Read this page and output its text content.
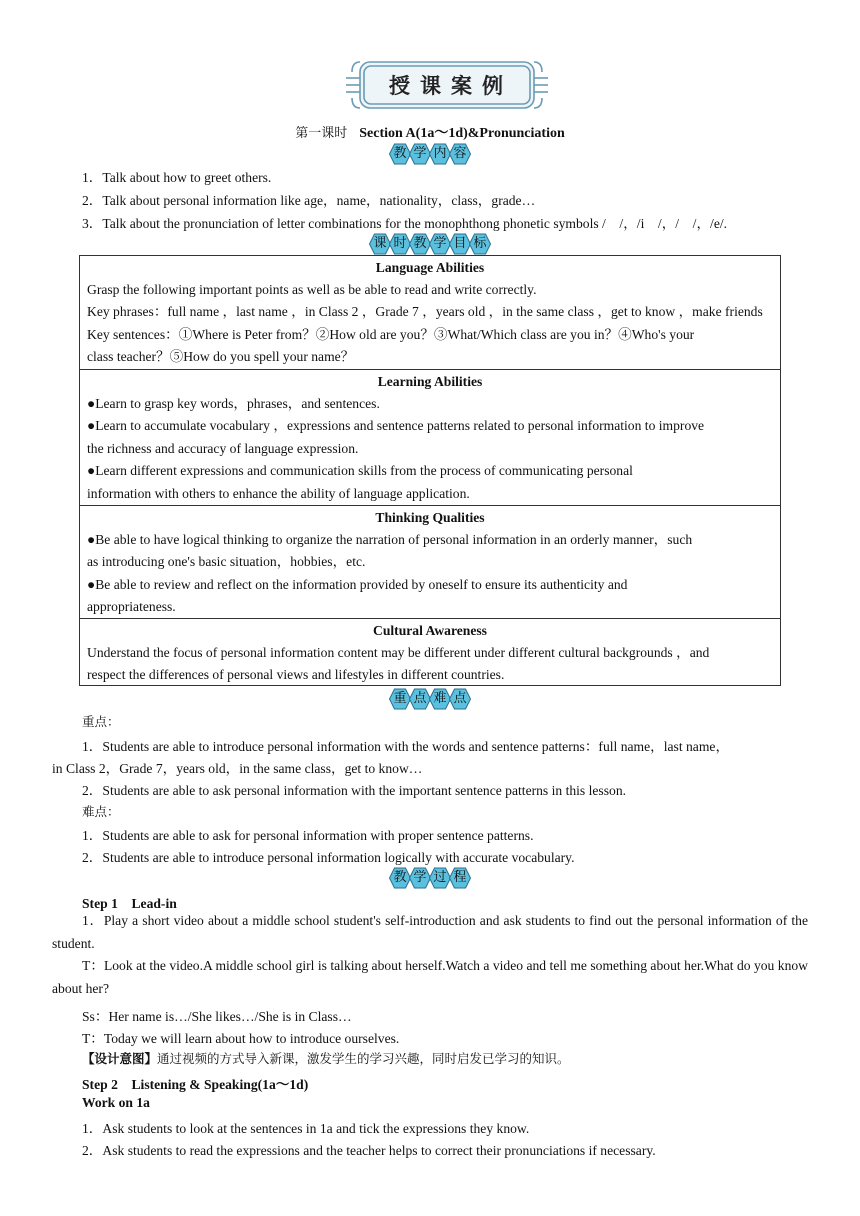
授课案例
第一课时 Section A(1a～1d)&Pronunciation
教 学 内 容
1．Talk about how to greet others.
2．Talk about personal information like age，name，nationality，class，grade…
3．Talk about the pronunciation of letter combinations for the monophthong phonetic symbols /　/，/i　/，/　/，/e/.
课 时 教 学 目 标
Language Abilities
Grasp the following important points as well as be able to read and write correctly.
Key phrases：full name ，last name ，in Class 2 ，Grade 7 ，years old ，in the same class ，get to know ，make friends
Key sentences：①Where is Peter from？②How old are you？③What/Which class are you in？④Who's your
class teacher？⑤How do you spell your name？
Learning Abilities
●Learn to grasp key words，phrases，and sentences.
●Learn to accumulate vocabulary ，expressions and sentence patterns related to personal information to improve
the richness and accuracy of language expression.
●Learn different expressions and communication skills from the process of communicating personal
information with others to enhance the ability of language application.
Thinking Qualities
●Be able to have logical thinking to organize the narration of personal information in an orderly manner，such
as introducing one's basic situation，hobbies，etc.
●Be able to review and reflect on the information provided by oneself to ensure its authenticity and
appropriateness.
Cultural Awareness
Understand the focus of personal information content may be different under different cultural backgrounds ，and
respect the differences of personal views and lifestyles in different countries.
重 点 难 点
重点：
1．Students are able to introduce personal information with the words and sentence patterns：full name，last name，
in Class 2，Grade 7，years old，in the same class，get to know…
2．Students are able to ask personal information with the important sentence patterns in this lesson.
难点：
1．Students are able to ask for personal information with proper sentence patterns.
2．Students are able to introduce personal information logically with accurate vocabulary.
教 学 过 程
Step 1　Lead-in
1．Play a short video about a middle school student's self-introduction and ask students to find out the personal information of the student.
T：Look at the video.A middle school girl is talking about herself.Watch a video and tell me something about her.What do you know about her?
Ss：Her name is…/She likes…/She is in Class…
T：Today we will learn about how to introduce ourselves.
【设计意图】通过视频的方式导入新课，激发学生的学习兴趣，同时启发已学习的知识。
Step 2　Listening & Speaking(1a～1d)
Work on 1a
1．Ask students to look at the sentences in 1a and tick the expressions they know.
2．Ask students to read the expressions and the teacher helps to correct their pronunciations if necessary.
